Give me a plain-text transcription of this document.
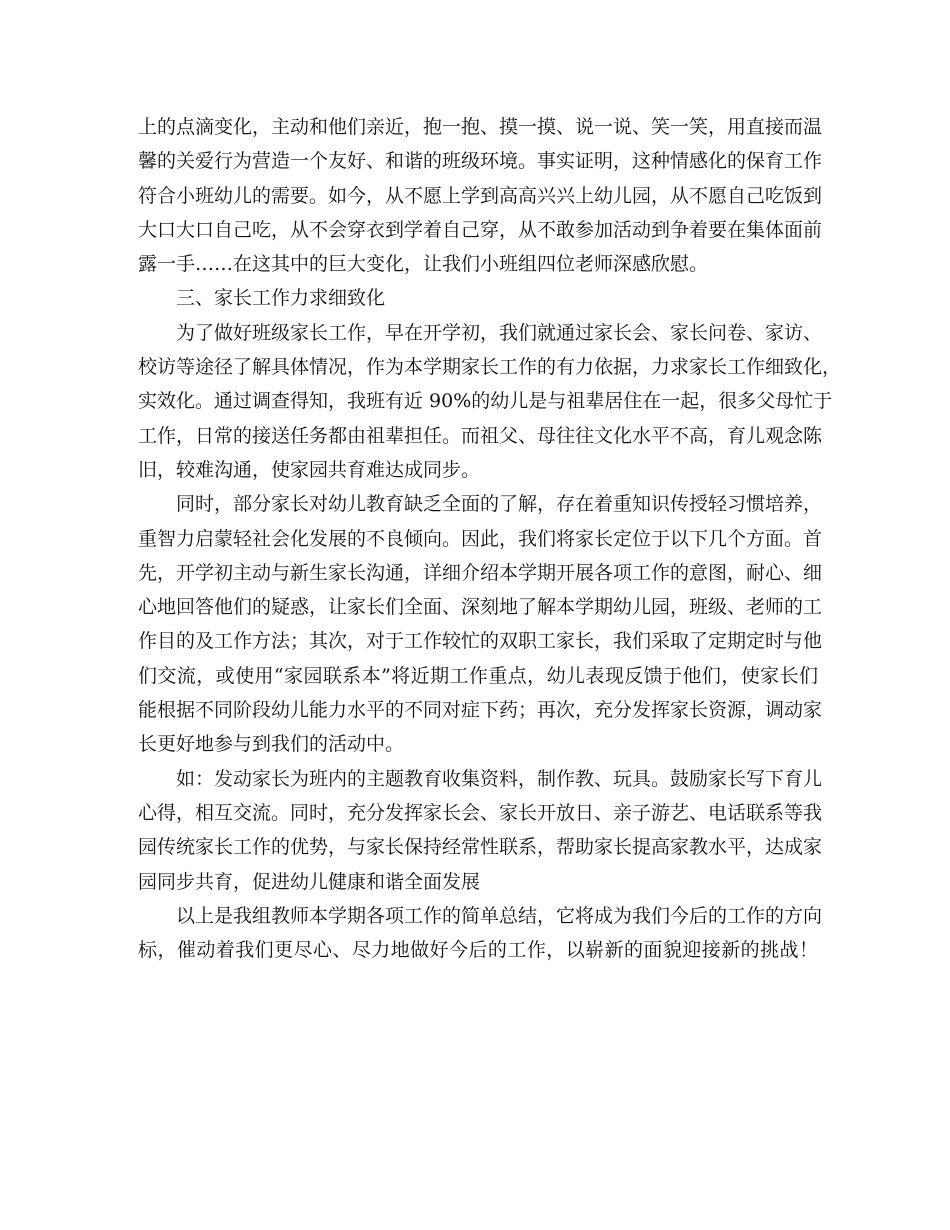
上的点滴变化，主动和他们亲近，抱一抱、摸一摸、说一说、笑一笑，用直接而温
馨的关爱行为营造一个友好、和谐的班级环境。事实证明，这种情感化的保育工作
符合小班幼儿的需要。如今，从不愿上学到高高兴兴上幼儿园，从不愿自己吃饭到
大口大口自己吃，从不会穿衣到学着自己穿，从不敢参加活动到争着要在集体面前
露一手……在这其中的巨大变化，让我们小班组四位老师深感欣慰。
三、家长工作力求细致化
为了做好班级家长工作，早在开学初，我们就通过家长会、家长问卷、家访、
校访等途径了解具体情况，作为本学期家长工作的有力依据，力求家长工作细致化，
实效化。通过调查得知，我班有近 90%的幼儿是与祖辈居住在一起，很多父母忙于
工作，日常的接送任务都由祖辈担任。而祖父、母往往文化水平不高，育儿观念陈
旧，较难沟通，使家园共育难达成同步。
同时，部分家长对幼儿教育缺乏全面的了解，存在着重知识传授轻习惯培养，
重智力启蒙轻社会化发展的不良倾向。因此，我们将家长定位于以下几个方面。首
先，开学初主动与新生家长沟通，详细介绍本学期开展各项工作的意图，耐心、细
心地回答他们的疑惑，让家长们全面、深刻地了解本学期幼儿园，班级、老师的工
作目的及工作方法；其次，对于工作较忙的双职工家长，我们采取了定期定时与他
们交流，或使用“家园联系本”将近期工作重点，幼儿表现反馈于他们，使家长们
能根据不同阶段幼儿能力水平的不同对症下药；再次，充分发挥家长资源，调动家
长更好地参与到我们的活动中。
如：发动家长为班内的主题教育收集资料，制作教、玩具。鼓励家长写下育儿
心得，相互交流。同时，充分发挥家长会、家长开放日、亲子游艺、电话联系等我
园传统家长工作的优势，与家长保持经常性联系，帮助家长提高家教水平，达成家
园同步共育，促进幼儿健康和谐全面发展
以上是我组教师本学期各项工作的简单总结，它将成为我们今后的工作的方向
标，催动着我们更尽心、尽力地做好今后的工作，以崭新的面貌迎接新的挑战！
